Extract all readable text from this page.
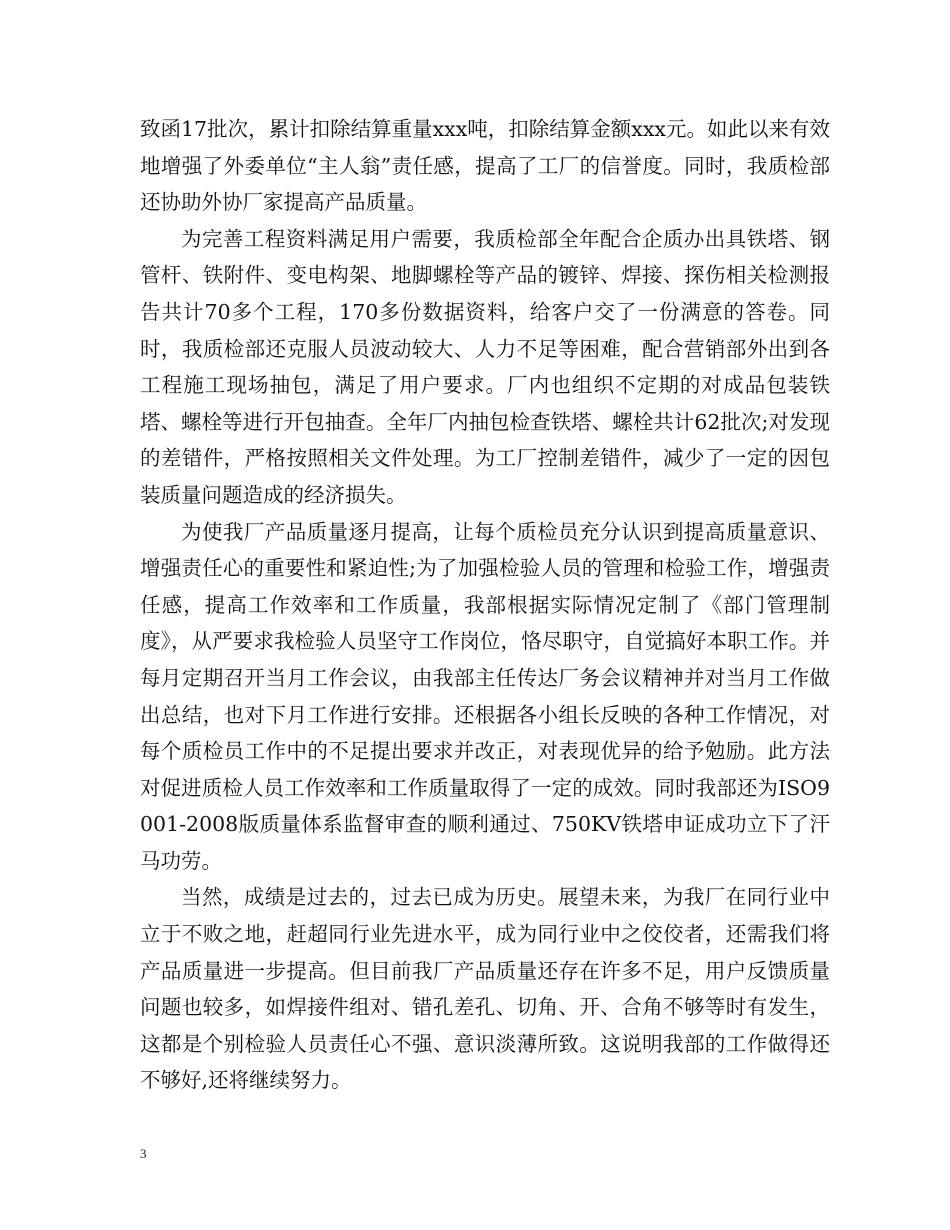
致函17批次，累计扣除结算重量xxx吨，扣除结算金额xxx元。如此以来有效地增强了外委单位“主人翁”责任感，提高了工厂的信誉度。同时，我质检部还协助外协厂家提高产品质量。

为完善工程资料满足用户需要，我质检部全年配合企质办出具铁塔、钢管杆、铁附件、变电构架、地脚螺栓等产品的镀锌、焊接、探伤相关检测报告共计70多个工程，170多份数据资料，给客户交了一份满意的答卷。同时，我质检部还克服人员波动较大、人力不足等困难，配合营销部外出到各工程施工现场抽包，满足了用户要求。厂内也组织不定期的对成品包装铁塔、螺栓等进行开包抽查。全年厂内抽包检查铁塔、螺栓共计62批次;对发现的差错件，严格按照相关文件处理。为工厂控制差错件，减少了一定的因包装质量问题造成的经济损失。

为使我厂产品质量逐月提高，让每个质检员充分认识到提高质量意识、增强责任心的重要性和紧迫性;为了加强检验人员的管理和检验工作，增强责任感，提高工作效率和工作质量，我部根据实际情况定制了《部门管理制度》，从严要求我检验人员坚守工作岗位，恪尽职守，自觉搞好本职工作。并每月定期召开当月工作会议，由我部主任传达厂务会议精神并对当月工作做出总结，也对下月工作进行安排。还根据各小组长反映的各种工作情况，对每个质检员工作中的不足提出要求并改正，对表现优异的给予勉励。此方法对促进质检人员工作效率和工作质量取得了一定的成效。同时我部还为ISO9001-2008版质量体系监督审查的顺利通过、750KV铁塔申证成功立下了汗马功劳。

当然，成绩是过去的，过去已成为历史。展望未来，为我厂在同行业中立于不败之地，赶超同行业先进水平，成为同行业中之佼佼者，还需我们将产品质量进一步提高。但目前我厂产品质量还存在许多不足，用户反馈质量问题也较多，如焊接件组对、错孔差孔、切角、开、合角不够等时有发生，这都是个别检验人员责任心不强、意识淡薄所致。这说明我部的工作做得还不够好,还将继续努力。

3
